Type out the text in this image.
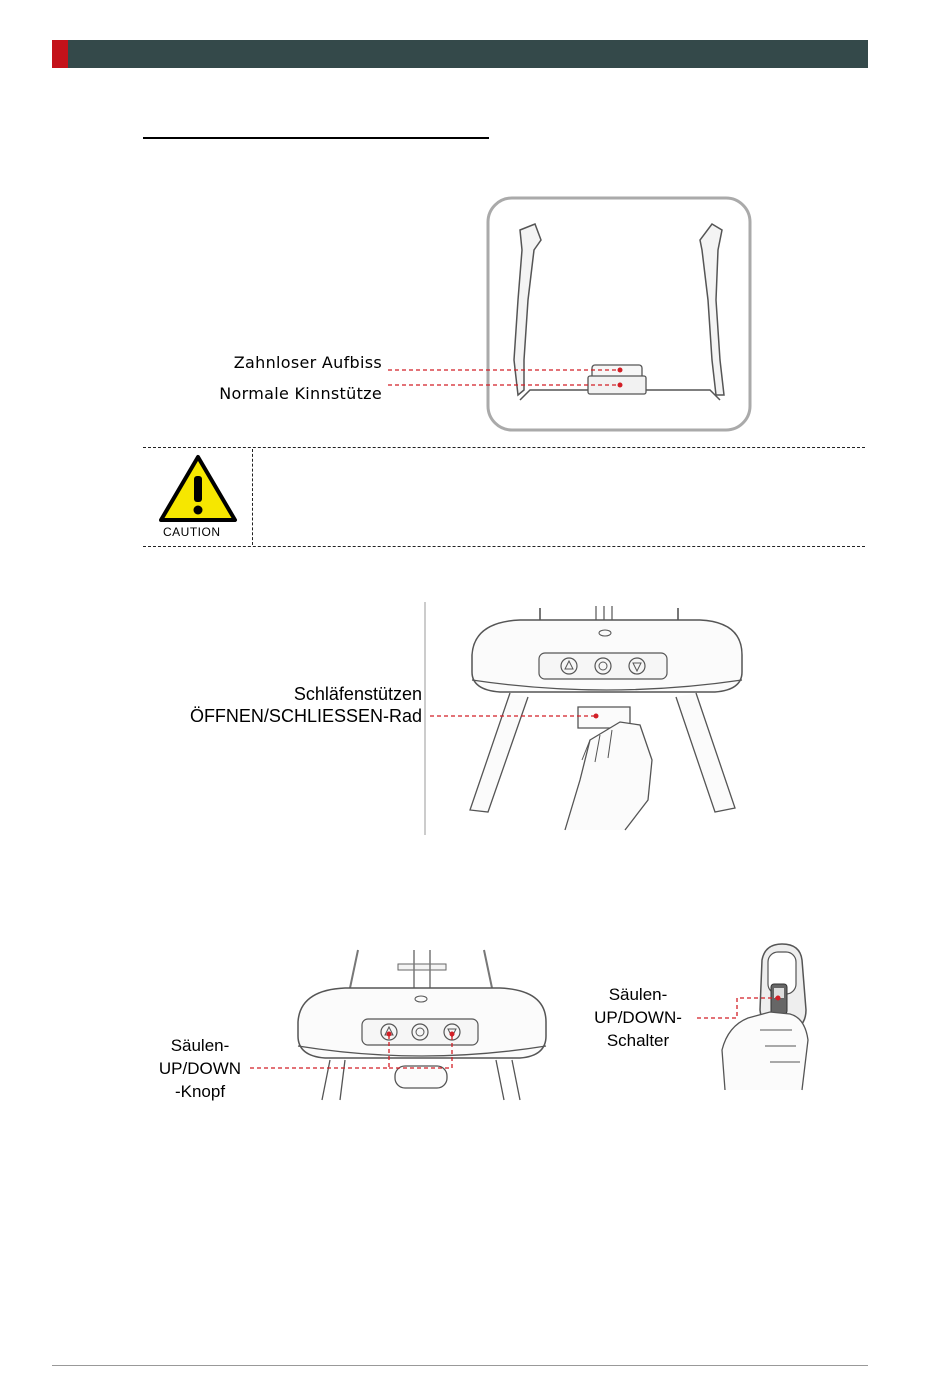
Zahnloser Aufbiss
Normale Kinnstütze
CAUTION
Schläfenstützen
ÖFFNEN/SCHLIESSEN-Rad
Säulen-
UP/DOWN
-Knopf
Säulen-
UP/DOWN-
Schalter
